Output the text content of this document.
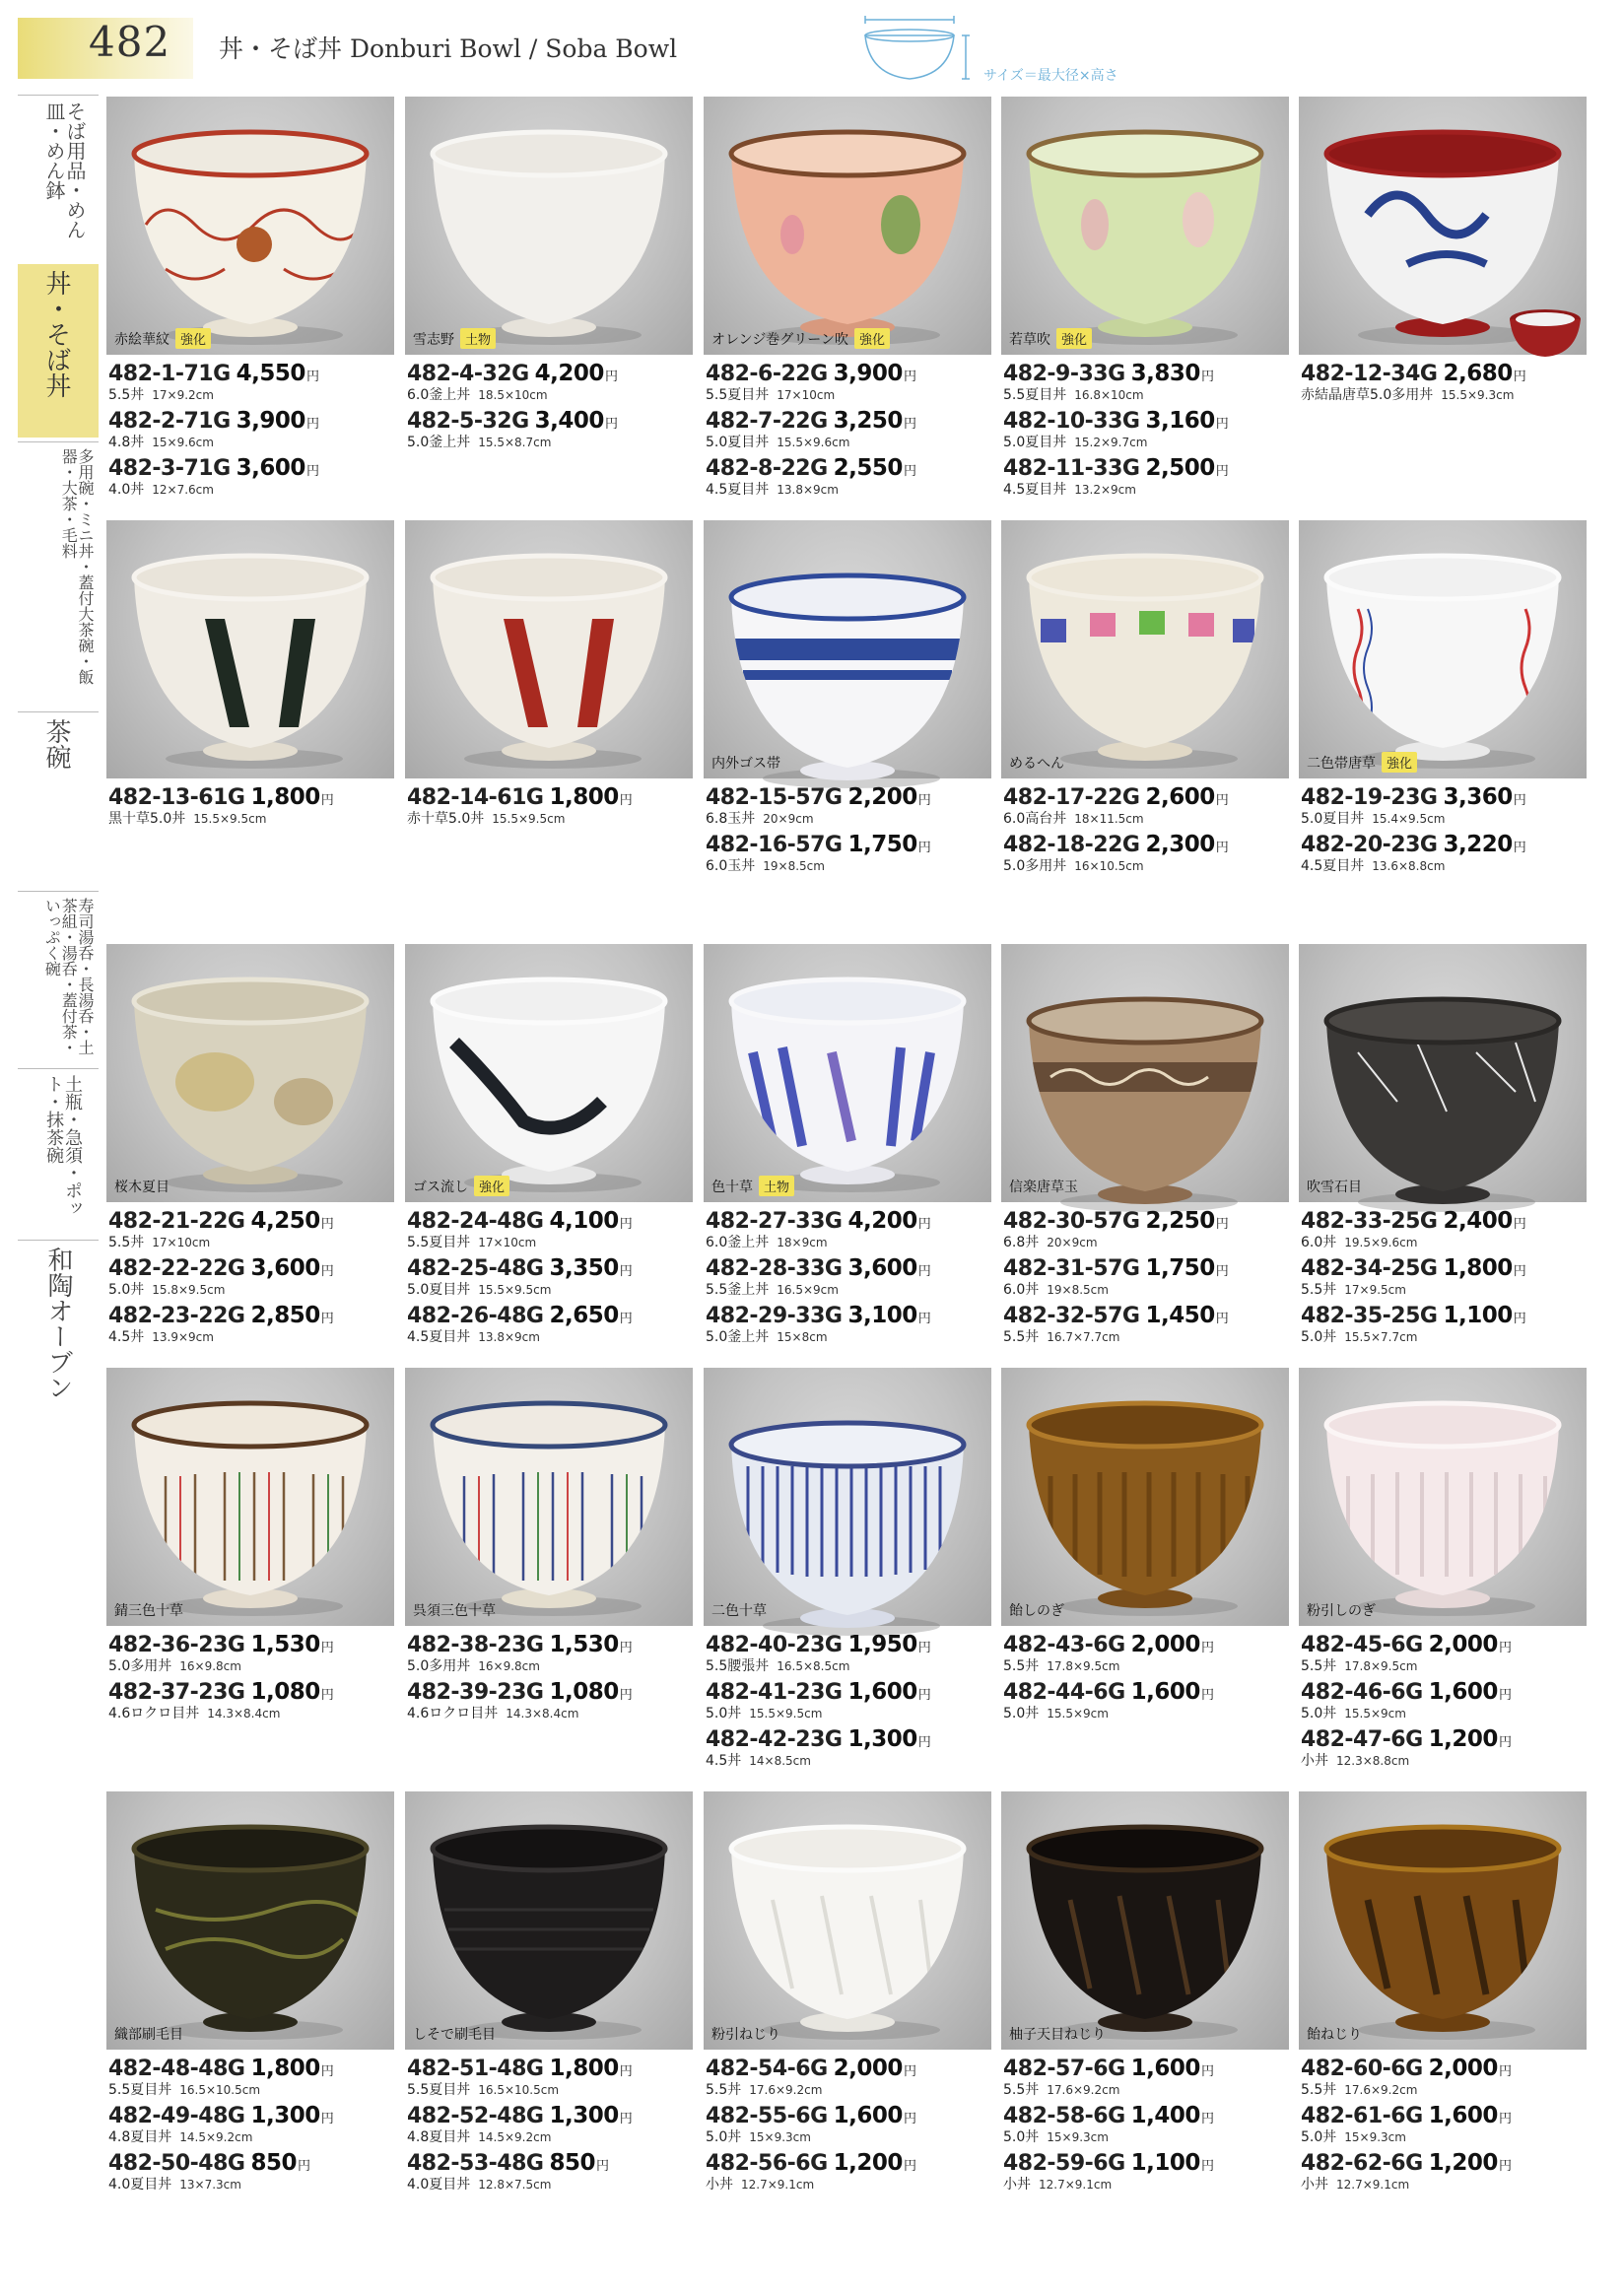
482 丼・そば丼 Donburi Bowl / Soba Bowl
サイズ＝最大径×高さ
そば用品・めん皿・めん鉢
丼・そば丼
多用碗・ミニ丼・蓋付大茶碗・飯器・大茶・毛料
茶碗
寿司湯呑・長湯呑・土茶組・湯呑・蓋付茶・いっぷく碗
土瓶・急須・ポット・抹茶碗
和陶オーブン
赤絵華紋 強化
482-1-71G 4,550円
5.5丼 17×9.2cm
482-2-71G 3,900円
4.8丼 15×9.6cm
482-3-71G 3,600円
4.0丼 12×7.6cm
雪志野 土物
482-4-32G 4,200円
6.0釜上丼 18.5×10cm
482-5-32G 3,400円
5.0釜上丼 15.5×8.7cm
オレンジ巻グリーン吹 強化
482-6-22G 3,900円
5.5夏目丼 17×10cm
482-7-22G 3,250円
5.0夏目丼 15.5×9.6cm
482-8-22G 2,550円
4.5夏目丼 13.8×9cm
若草吹 強化
482-9-33G 3,830円
5.5夏目丼 16.8×10cm
482-10-33G 3,160円
5.0夏目丼 15.2×9.7cm
482-11-33G 2,500円
4.5夏目丼 13.2×9cm
482-12-34G 2,680円
赤結晶唐草5.0多用丼 15.5×9.3cm
482-13-61G 1,800円
黒十草5.0丼 15.5×9.5cm
482-14-61G 1,800円
赤十草5.0丼 15.5×9.5cm
内外ゴス帯
482-15-57G 2,200円
6.8玉丼 20×9cm
482-16-57G 1,750円
6.0玉丼 19×8.5cm
めるへん
482-17-22G 2,600円
6.0高台丼 18×11.5cm
482-18-22G 2,300円
5.0多用丼 16×10.5cm
二色帯唐草 強化
482-19-23G 3,360円
5.0夏目丼 15.4×9.5cm
482-20-23G 3,220円
4.5夏目丼 13.6×8.8cm
桜木夏目
482-21-22G 4,250円
5.5丼 17×10cm
482-22-22G 3,600円
5.0丼 15.8×9.5cm
482-23-22G 2,850円
4.5丼 13.9×9cm
ゴス流し 強化
482-24-48G 4,100円
5.5夏目丼 17×10cm
482-25-48G 3,350円
5.0夏目丼 15.5×9.5cm
482-26-48G 2,650円
4.5夏目丼 13.8×9cm
色十草 土物
482-27-33G 4,200円
6.0釜上丼 18×9cm
482-28-33G 3,600円
5.5釜上丼 16.5×9cm
482-29-33G 3,100円
5.0釜上丼 15×8cm
信楽唐草玉
482-30-57G 2,250円
6.8丼 20×9cm
482-31-57G 1,750円
6.0丼 19×8.5cm
482-32-57G 1,450円
5.5丼 16.7×7.7cm
吹雪石目
482-33-25G 2,400円
6.0丼 19.5×9.6cm
482-34-25G 1,800円
5.5丼 17×9.5cm
482-35-25G 1,100円
5.0丼 15.5×7.7cm
錆三色十草
482-36-23G 1,530円
5.0多用丼 16×9.8cm
482-37-23G 1,080円
4.6ロクロ目丼 14.3×8.4cm
呉須三色十草
482-38-23G 1,530円
5.0多用丼 16×9.8cm
482-39-23G 1,080円
4.6ロクロ目丼 14.3×8.4cm
二色十草
482-40-23G 1,950円
5.5腰張丼 16.5×8.5cm
482-41-23G 1,600円
5.0丼 15.5×9.5cm
482-42-23G 1,300円
4.5丼 14×8.5cm
飴しのぎ
482-43-6G 2,000円
5.5丼 17.8×9.5cm
482-44-6G 1,600円
5.0丼 15.5×9cm
粉引しのぎ
482-45-6G 2,000円
5.5丼 17.8×9.5cm
482-46-6G 1,600円
5.0丼 15.5×9cm
482-47-6G 1,200円
小丼 12.3×8.8cm
織部刷毛目
482-48-48G 1,800円
5.5夏目丼 16.5×10.5cm
482-49-48G 1,300円
4.8夏目丼 14.5×9.2cm
482-50-48G 850円
4.0夏目丼 13×7.3cm
しそで刷毛目
482-51-48G 1,800円
5.5夏目丼 16.5×10.5cm
482-52-48G 1,300円
4.8夏目丼 14.5×9.2cm
482-53-48G 850円
4.0夏目丼 12.8×7.5cm
粉引ねじり
482-54-6G 2,000円
5.5丼 17.6×9.2cm
482-55-6G 1,600円
5.0丼 15×9.3cm
482-56-6G 1,200円
小丼 12.7×9.1cm
柚子天目ねじり
482-57-6G 1,600円
5.5丼 17.6×9.2cm
482-58-6G 1,400円
5.0丼 15×9.3cm
482-59-6G 1,100円
小丼 12.7×9.1cm
飴ねじり
482-60-6G 2,000円
5.5丼 17.6×9.2cm
482-61-6G 1,600円
5.0丼 15×9.3cm
482-62-6G 1,200円
小丼 12.7×9.1cm
